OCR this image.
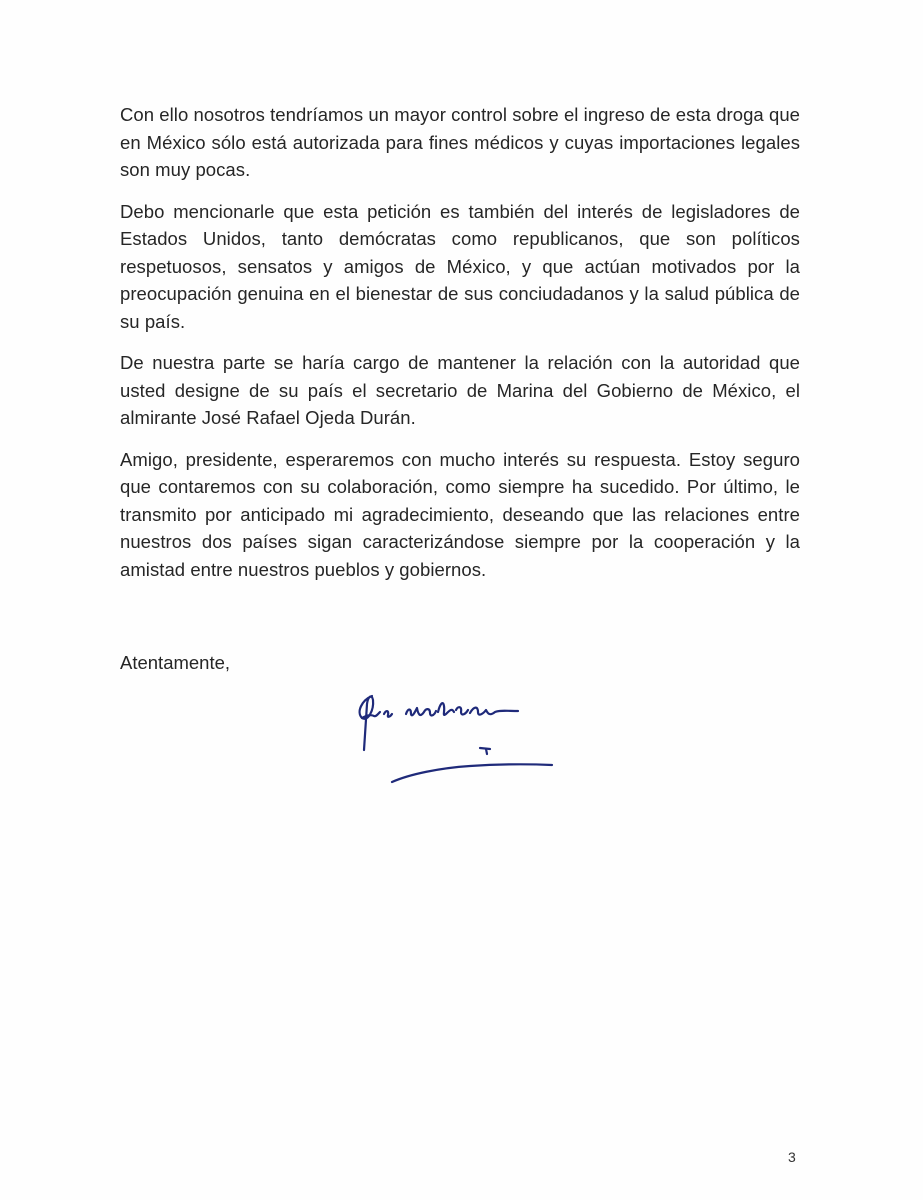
Con ello nosotros tendríamos un mayor control sobre el ingreso de esta droga que en México sólo está autorizada para fines médicos y cuyas importaciones legales son muy pocas.

Debo mencionarle que esta petición es también del interés de legisladores de Estados Unidos, tanto demócratas como republicanos, que son políticos respetuosos, sensatos y amigos de México, y que actúan motivados por la preocupación genuina en el bienestar de sus conciudadanos y la salud pública de su país.

De nuestra parte se haría cargo de mantener la relación con la autoridad que usted designe de su país el secretario de Marina del Gobierno de México, el almirante José Rafael Ojeda Durán.

Amigo, presidente, esperaremos con mucho interés su respuesta. Estoy seguro que contaremos con su colaboración, como siempre ha sucedido. Por último, le transmito por anticipado mi agradecimiento, deseando que las relaciones entre nuestros dos países sigan caracterizándose siempre por la cooperación y la amistad entre nuestros pueblos y gobiernos.

Atentamente,

3
